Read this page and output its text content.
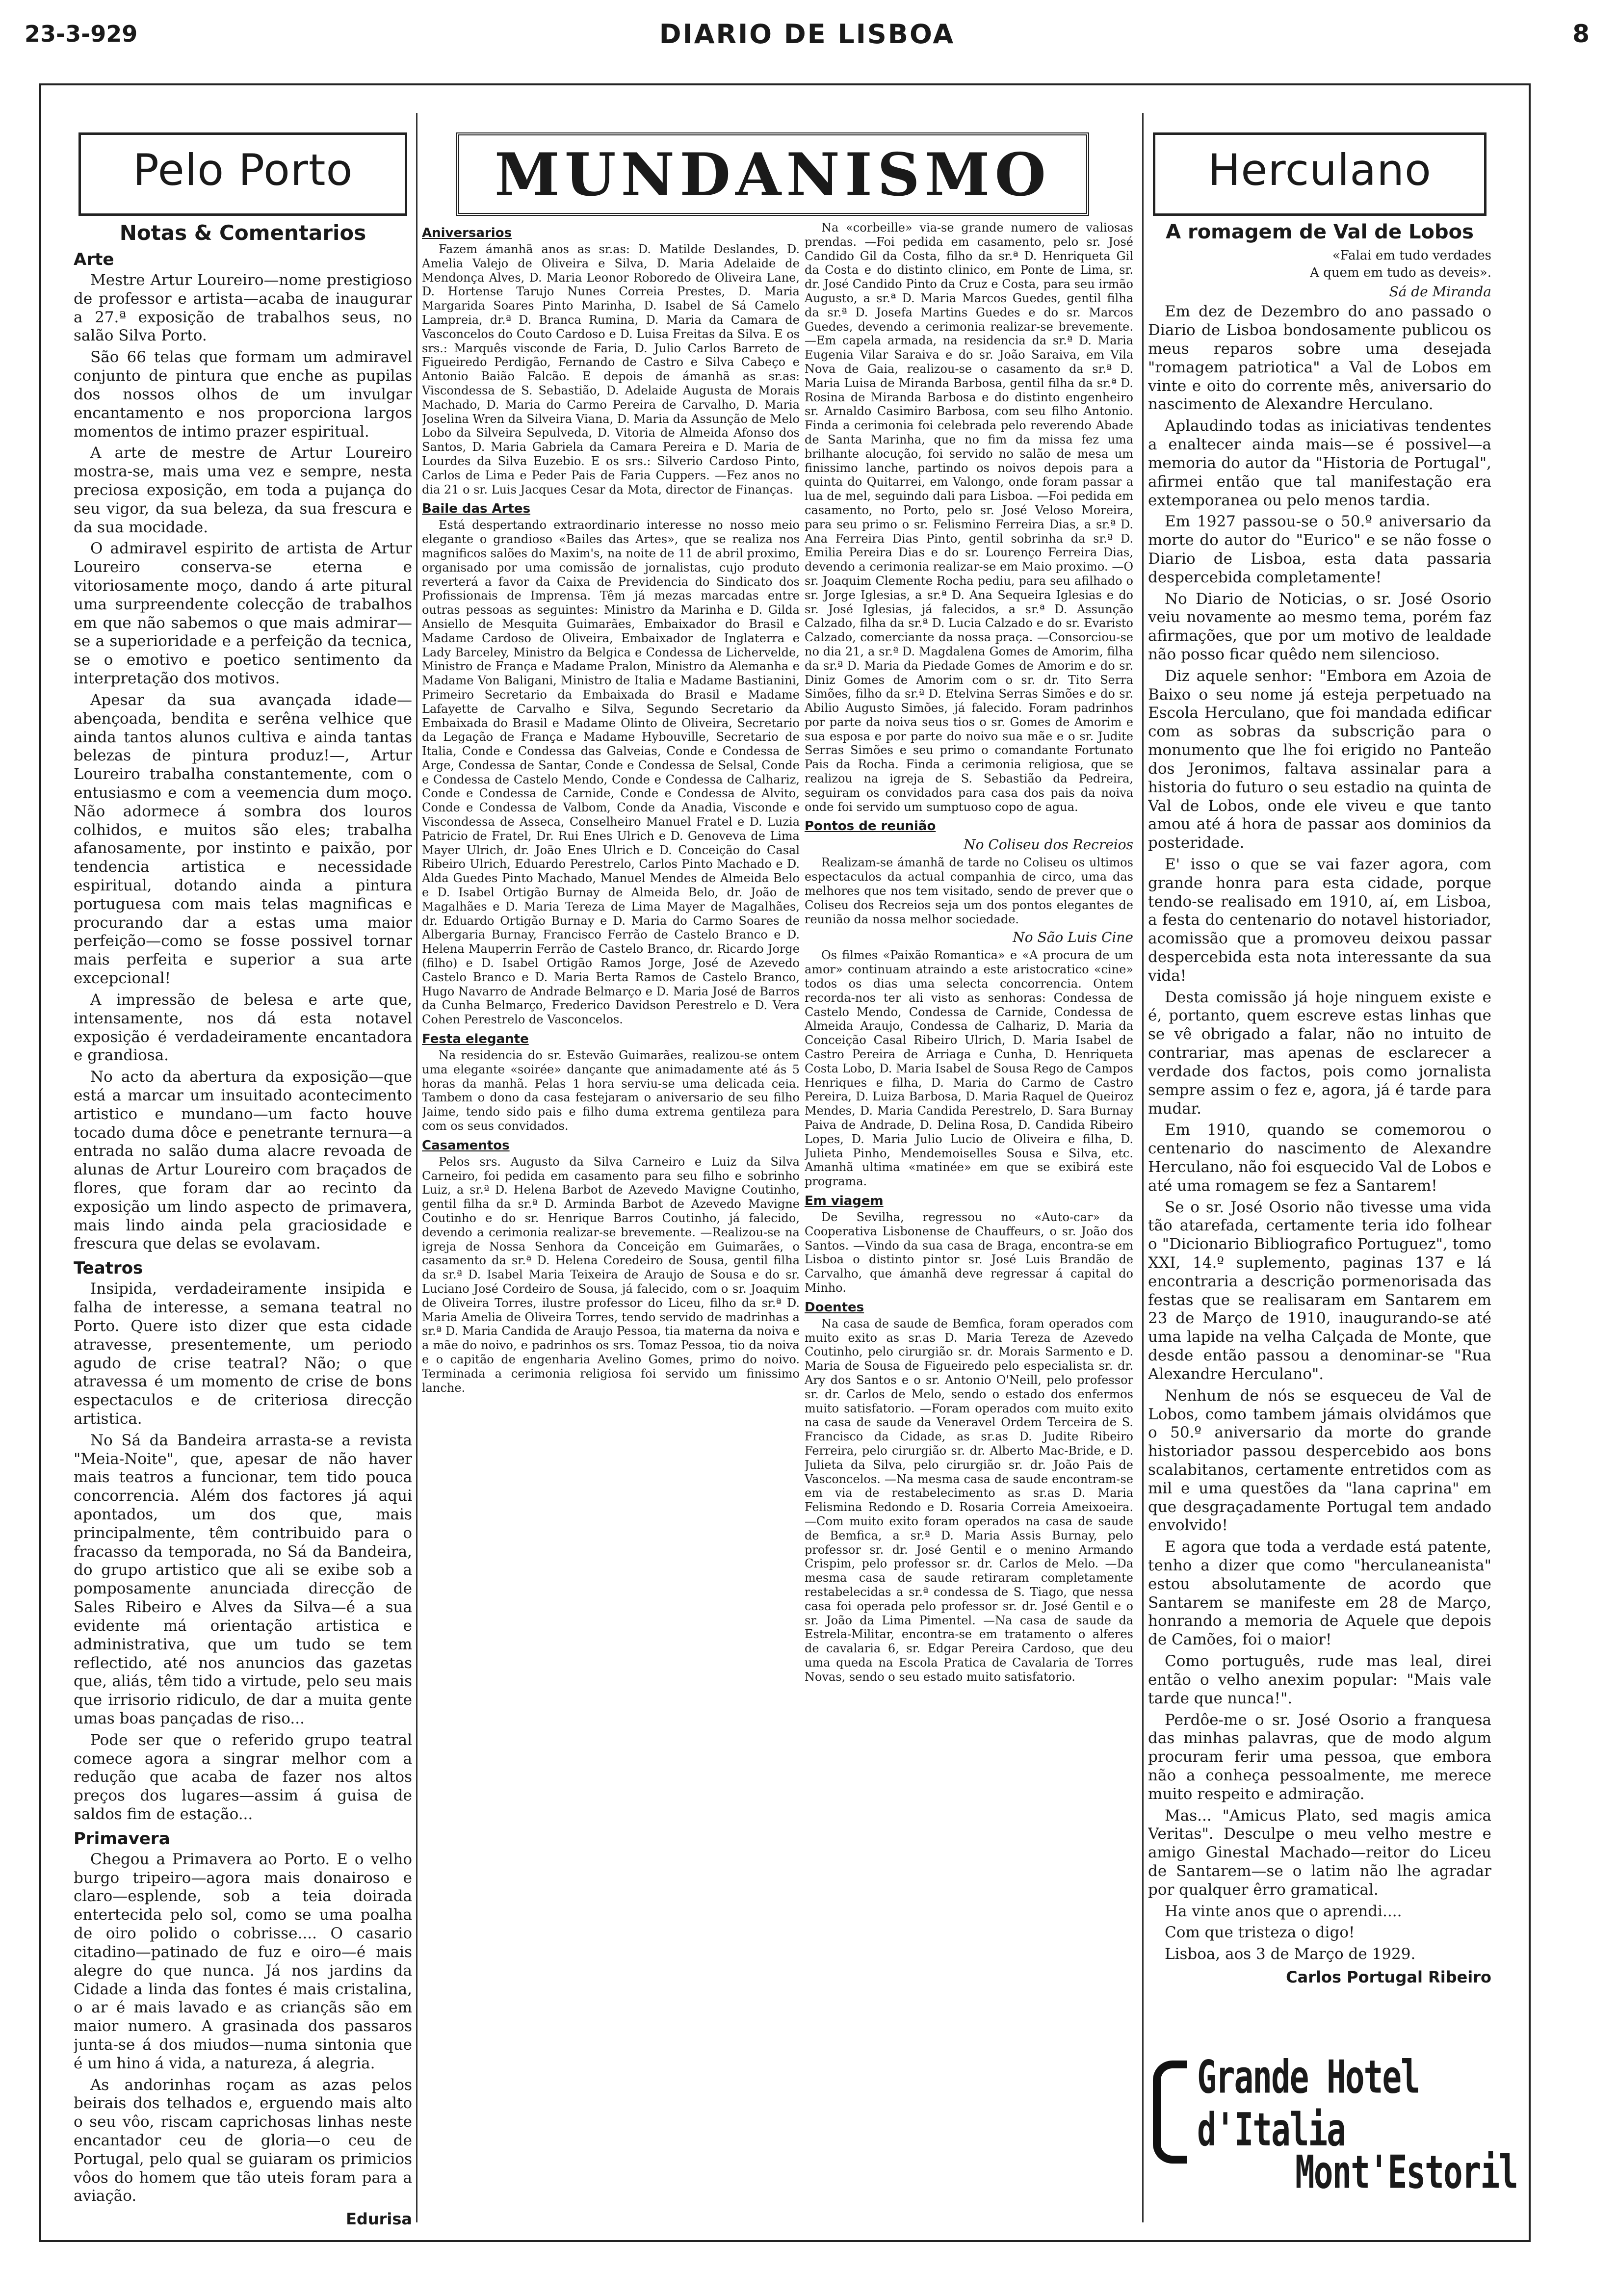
23-3-929	DIARIO DE LISBOA	8
Pelo Porto	MUNDANISMO	Herculano
Notas & Comentarios
Arte

Mestre Artur Loureiro—nome prestigioso de professor e artista—acaba de inaugurar a 27.ª exposição de trabalhos seus, no salão Silva Porto.

São 66 telas que formam um admiravel conjunto de pintura que enche as pupilas dos nossos olhos de um invulgar encantamento e nos proporciona largos momentos de intimo prazer espiritual.

A arte de mestre de Artur Loureiro mostra-se, mais uma vez e sempre, nesta preciosa exposição, em toda a pujança do seu vigor, da sua beleza, da sua frescura e da sua mocidade.

O admiravel espirito de artista de Artur Loureiro conserva-se eterna e vitoriosamente moço, dando á arte pitural uma surpreendente colecção de trabalhos em que não sabemos o que mais admirar—se a superioridade e a perfeição da tecnica, se o emotivo e poetico sentimento da interpretação dos motivos.

Apesar da sua avançada idade—abençoada, bendita e serêna velhice que ainda tantos alunos cultiva e ainda tantas belezas de pintura produz!—, Artur Loureiro trabalha constantemente, com o entusiasmo e com a veemencia dum moço. Não adormece á sombra dos louros colhidos, e muitos são eles; trabalha afanosamente, por instinto e paixão, por tendencia artistica e necessidade espiritual, dotando ainda a pintura portuguesa com mais telas magnificas e procurando dar a estas uma maior perfeição—como se fosse possivel tornar mais perfeita e superior a sua arte excepcional!

A impressão de belesa e arte que, intensamente, nos dá esta notavel exposição é verdadeiramente encantadora e grandiosa.

No acto da abertura da exposição—que está a marcar um insuitado acontecimento artistico e mundano—um facto houve tocado duma dôce e penetrante ternura—a entrada no salão duma alacre revoada de alunas de Artur Loureiro com braçados de flores, que foram dar ao recinto da exposição um lindo aspecto de primavera, mais lindo ainda pela graciosidade e frescura que delas se evolavam.

Teatros

Insipida, verdadeiramente insipida e falha de interesse, a semana teatral no Porto. Quere isto dizer que esta cidade atravesse, presentemente, um periodo agudo de crise teatral? Não; o que atravessa é um momento de crise de bons espectaculos e de criteriosa direcção artistica.

No Sá da Bandeira arrasta-se a revista "Meia-Noite", que, apesar de não haver mais teatros a funcionar, tem tido pouca concorrencia. Além dos factores já aqui apontados, um dos que, mais principalmente, têm contribuido para o fracasso da temporada, no Sá da Bandeira, do grupo artistico que ali se exibe sob a pomposamente anunciada direcção de Sales Ribeiro e Alves da Silva—é a sua evidente má orientação artistica e administrativa, que um tudo se tem reflectido, até nos anuncios das gazetas que, aliás, têm tido a virtude, pelo seu mais que irrisorio ridiculo, de dar a muita gente umas boas pançadas de riso...

Pode ser que o referido grupo teatral comece agora a singrar melhor com a redução que acaba de fazer nos altos preços dos lugares—assim á guisa de saldos fim de estação...

Primavera

Chegou a Primavera ao Porto. E o velho burgo tripeiro—agora mais donairoso e claro—esplende, sob a teia doirada entertecida pelo sol, como se uma poalha de oiro polido o cobrisse.... O casario citadino—patinado de fuz e oiro—é mais alegre do que nunca. Já nos jardins da Cidade a linda das fontes é mais cristalina, o ar é mais lavado e as criançãs são em maior numero. A grasinada dos passaros junta-se á dos miudos—numa sintonia que é um hino á vida, a natureza, á alegria.

As andorinhas roçam as azas pelos beirais dos telhados e, erguendo mais alto o seu vôo, riscam caprichosas linhas neste encantador ceu de gloria—o ceu de Portugal, pelo qual se guiaram os primicios vôos do homem que tão uteis foram para a aviação.

Edurisa
Aniversarios

Fazem ámanhã anos as sr.as: D. Matilde Deslandes, D. Amelia Valejo de Oliveira e Silva, D. Maria Adelaide de Mendonça Alves, D. Maria Leonor Roboredo de Oliveira Lane, D. Hortense Tarujo Nunes Correia Prestes, D. Maria Margarida Soares Pinto Marinha, D. Isabel de Sá Camelo Lampreia, dr.ª D. Branca Rumina, D. Maria da Camara de Vasconcelos do Couto Cardoso e D. Luisa Freitas da Silva. E os srs.: Marquês visconde de Faria, D. Julio Carlos Barreto de Figueiredo Perdigão, Fernando de Castro e Silva Cabeço e Antonio Baião Falcão. E depois de ámanhã as sr.as: Viscondessa de S. Sebastião, D. Adelaide Augusta de Morais Machado, D. Maria do Carmo Pereira de Carvalho, D. Maria Joselina Wren da Silveira Viana, D. Maria da Assunção de Melo Lobo da Silveira Sepulveda, D. Vitoria de Almeida Afonso dos Santos, D. Maria Gabriela da Camara Pereira e D. Maria de Lourdes da Silva Euzebio. E os srs.: Silverio Cardoso Pinto, Carlos de Lima e Peder Pais de Faria Cuppers. —Fez anos no dia 21 o sr. Luis Jacques Cesar da Mota, director de Finanças.

Baile das Artes

Está despertando extraordinario interesse no nosso meio elegante o grandioso «Bailes das Artes», que se realiza nos magnificos salões do Maxim's, na noite de 11 de abril proximo, organisado por uma comissão de jornalistas, cujo produto reverterá a favor da Caixa de Previdencia do Sindicato dos Profissionais de Imprensa. Têm já mezas marcadas entre outras pessoas as seguintes: Ministro da Marinha e D. Gilda Ansiello de Mesquita Guimarães, Embaixador do Brasil e Madame Cardoso de Oliveira, Embaixador de Inglaterra e Lady Barceley, Ministro da Belgica e Condessa de Lichervelde, Ministro de França e Madame Pralon, Ministro da Alemanha e Madame Von Baligani, Ministro de Italia e Madame Bastianini, Primeiro Secretario da Embaixada do Brasil e Madame Lafayette de Carvalho e Silva, Segundo Secretario da Embaixada do Brasil e Madame Olinto de Oliveira, Secretario da Legação de França e Madame Hybouville, Secretario de Italia, Conde e Condessa das Galveias, Conde e Condessa de Arge, Condessa de Santar, Conde e Condessa de Selsal, Conde e Condessa de Castelo Mendo, Conde e Condessa de Calhariz, Conde e Condessa de Carnide, Conde e Condessa de Alvito, Conde e Condessa de Valbom, Conde da Anadia, Visconde e Viscondessa de Asseca, Conselheiro Manuel Fratel e D. Luzia Patricio de Fratel, Dr. Rui Enes Ulrich e D. Genoveva de Lima Mayer Ulrich, dr. João Enes Ulrich e D. Conceição do Casal Ribeiro Ulrich, Eduardo Perestrelo, Carlos Pinto Machado e D. Alda Guedes Pinto Machado, Manuel Mendes de Almeida Belo e D. Isabel Ortigão Burnay de Almeida Belo, dr. João de Magalhães e D. Maria Tereza de Lima Mayer de Magalhães, dr. Eduardo Ortigão Burnay e D. Maria do Carmo Soares de Albergaria Burnay, Francisco Ferrão de Castelo Branco e D. Helena Mauperrin Ferrão de Castelo Branco, dr. Ricardo Jorge (filho) e D. Isabel Ortigão Ramos Jorge, José de Azevedo Castelo Branco e D. Maria Berta Ramos de Castelo Branco, Hugo Navarro de Andrade Belmarço e D. Maria José de Barros da Cunha Belmarço, Frederico Davidson Perestrelo e D. Vera Cohen Perestrelo de Vasconcelos.

Festa elegante

Na residencia do sr. Estevão Guimarães, realizou-se ontem uma elegante «soirée» dançante que animadamente até ás 5 horas da manhã. Pelas 1 hora serviu-se uma delicada ceia. Tambem o dono da casa festejaram o aniversario de seu filho Jaime, tendo sido pais e filho duma extrema gentileza para com os seus convidados.

Casamentos

Pelos srs. Augusto da Silva Carneiro e Luiz da Silva Carneiro, foi pedida em casamento para seu filho e sobrinho Luiz, a sr.ª D. Helena Barbot de Azevedo Mavigne Coutinho, gentil filha da sr.ª D. Arminda Barbot de Azevedo Mavigne Coutinho e do sr. Henrique Barros Coutinho, já falecido, devendo a cerimonia realizar-se brevemente. —Realizou-se na igreja de Nossa Senhora da Conceição em Guimarães, o casamento da sr.ª D. Helena Coredeiro de Sousa, gentil filha da sr.ª D. Isabel Maria Teixeira de Araujo de Sousa e do sr. Luciano José Cordeiro de Sousa, já falecido, com o sr. Joaquim de Oliveira Torres, ilustre professor do Liceu, filho da sr.ª D. Maria Amelia de Oliveira Torres, tendo servido de madrinhas a sr.ª D. Maria Candida de Araujo Pessoa, tia materna da noiva e a mãe do noivo, e padrinhos os srs. Tomaz Pessoa, tio da noiva e o capitão de engenharia Avelino Gomes, primo do noivo. Terminada a cerimonia religiosa foi servido um finissimo lanche.

Na «corbeille» via-se grande numero de valiosas prendas. —Foi pedida em casamento, pelo sr. José Candido Gil da Costa, filho da sr.ª D. Henriqueta Gil da Costa e do distinto clinico, em Ponte de Lima, sr. dr. José Candido Pinto da Cruz e Costa, para seu irmão Augusto, a sr.ª D. Maria Marcos Guedes, gentil filha da sr.ª D. Josefa Martins Guedes e do sr. Marcos Guedes, devendo a cerimonia realizar-se brevemente. —Em capela armada, na residencia da sr.ª D. Maria Eugenia Vilar Saraiva e do sr. João Saraiva, em Vila Nova de Gaia, realizou-se o casamento da sr.ª D. Maria Luisa de Miranda Barbosa, gentil filha da sr.ª D. Rosina de Miranda Barbosa e do distinto engenheiro sr. Arnaldo Casimiro Barbosa, com seu filho Antonio. Finda a cerimonia foi celebrada pelo reverendo Abade de Santa Marinha, que no fim da missa fez uma brilhante alocução, foi servido no salão de mesa um finissimo lanche, partindo os noivos depois para a quinta do Quitarrei, em Valongo, onde foram passar a lua de mel, seguindo dali para Lisboa. —Foi pedida em casamento, no Porto, pelo sr. José Veloso Moreira, para seu primo o sr. Felismino Ferreira Dias, a sr.ª D. Ana Ferreira Dias Pinto, gentil sobrinha da sr.ª D. Emilia Pereira Dias e do sr. Lourenço Ferreira Dias, devendo a cerimonia realizar-se em Maio proximo. —O sr. Joaquim Clemente Rocha pediu, para seu afilhado o sr. Jorge Iglesias, a sr.ª D. Ana Sequeira Iglesias e do sr. José Iglesias, já falecidos, a sr.ª D. Assunção Calzado, filha da sr.ª D. Lucia Calzado e do sr. Evaristo Calzado, comerciante da nossa praça. —Consorciou-se no dia 21, a sr.ª D. Magdalena Gomes de Amorim, filha da sr.ª D. Maria da Piedade Gomes de Amorim e do sr. Diniz Gomes de Amorim com o sr. dr. Tito Serra Simões, filho da sr.ª D. Etelvina Serras Simões e do sr. Abilio Augusto Simões, já falecido. Foram padrinhos por parte da noiva seus tios o sr. Gomes de Amorim e sua esposa e por parte do noivo sua mãe e o sr. Judite Serras Simões e seu primo o comandante Fortunato Pais da Rocha. Finda a cerimonia religiosa, que se realizou na igreja de S. Sebastião da Pedreira, seguiram os convidados para casa dos pais da noiva onde foi servido um sumptuoso copo de agua.

Pontos de reunião
No Coliseu dos Recreios

Realizam-se ámanhã de tarde no Coliseu os ultimos espectaculos da actual companhia de circo, uma das melhores que nos tem visitado, sendo de prever que o Coliseu dos Recreios seja um dos pontos elegantes de reunião da nossa melhor sociedade.

No São Luis Cine

Os filmes «Paixão Romantica» e «A procura de um amor» continuam atraindo a este aristocratico «cine» todos os dias uma selecta concorrencia. Ontem recorda-nos ter ali visto as senhoras: Condessa de Castelo Mendo, Condessa de Carnide, Condessa de Almeida Araujo, Condessa de Calhariz, D. Maria da Conceição Casal Ribeiro Ulrich, D. Maria Isabel de Castro Pereira de Arriaga e Cunha, D. Henriqueta Costa Lobo, D. Maria Isabel de Sousa Rego de Campos Henriques e filha, D. Maria do Carmo de Castro Pereira, D. Luiza Barbosa, D. Maria Raquel de Queiroz Mendes, D. Maria Candida Perestrelo, D. Sara Burnay Paiva de Andrade, D. Delina Rosa, D. Candida Ribeiro Lopes, D. Maria Julio Lucio de Oliveira e filha, D. Julieta Pinho, Mendemoiselles Sousa e Silva, etc. Amanhã ultima «matinée» em que se exibirá este programa.

Em viagem

De Sevilha, regressou no «Auto-car» da Cooperativa Lisbonense de Chauffeurs, o sr. João dos Santos. —Vindo da sua casa de Braga, encontra-se em Lisboa o distinto pintor sr. José Luis Brandão de Carvalho, que ámanhã deve regressar á capital do Minho.

Doentes

Na casa de saude de Bemfica, foram operados com muito exito as sr.as D. Maria Tereza de Azevedo Coutinho, pelo cirurgião sr. dr. Morais Sarmento e D. Maria de Sousa de Figueiredo pelo especialista sr. dr. Ary dos Santos e o sr. Antonio O'Neill, pelo professor sr. dr. Carlos de Melo, sendo o estado dos enfermos muito satisfatorio. —Foram operados com muito exito na casa de saude da Veneravel Ordem Terceira de S. Francisco da Cidade, as sr.as D. Judite Ribeiro Ferreira, pelo cirurgião sr. dr. Alberto Mac-Bride, e D. Julieta da Silva, pelo cirurgião sr. dr. João Pais de Vasconcelos. —Na mesma casa de saude encontram-se em via de restabelecimento as sr.as D. Maria Felismina Redondo e D. Rosaria Correia Ameixoeira. —Com muito exito foram operados na casa de saude de Bemfica, a sr.ª D. Maria Assis Burnay, pelo professor sr. dr. José Gentil e o menino Armando Crispim, pelo professor sr. dr. Carlos de Melo. —Da mesma casa de saude retiraram completamente restabelecidas a sr.ª condessa de S. Tiago, que nessa casa foi operada pelo professor sr. dr. José Gentil e o sr. João da Lima Pimentel. —Na casa de saude da Estrela-Militar, encontra-se em tratamento o alferes de cavalaria 6, sr. Edgar Pereira Cardoso, que deu uma queda na Escola Pratica de Cavalaria de Torres Novas, sendo o seu estado muito satisfatorio.

A romagem de Val de Lobos
«Falai em tudo verdades
A quem em tudo as deveis».
Sá de Miranda

Em dez de Dezembro do ano passado o Diario de Lisboa bondosamente publicou os meus reparos sobre uma desejada "romagem patriotica" a Val de Lobos em vinte e oito do corrente mês, aniversario do nascimento de Alexandre Herculano.

Aplaudindo todas as iniciativas tendentes a enaltecer ainda mais—se é possivel—a memoria do autor da "Historia de Portugal", afirmei então que tal manifestação era extemporanea ou pelo menos tardia.

Em 1927 passou-se o 50.º aniversario da morte do autor do "Eurico" e se não fosse o Diario de Lisboa, esta data passaria despercebida completamente!

No Diario de Noticias, o sr. José Osorio veiu novamente ao mesmo tema, porém faz afirmações, que por um motivo de lealdade não posso ficar quêdo nem silencioso.

Diz aquele senhor: "Embora em Azoia de Baixo o seu nome já esteja perpetuado na Escola Herculano, que foi mandada edificar com as sobras da subscrição para o monumento que lhe foi erigido no Panteão dos Jeronimos, faltava assinalar para a historia do futuro o seu estadio na quinta de Val de Lobos, onde ele viveu e que tanto amou até á hora de passar aos dominios da posteridade.

E' isso o que se vai fazer agora, com grande honra para esta cidade, porque tendo-se realisado em 1910, aí, em Lisboa, a festa do centenario do notavel historiador, acomissão que a promoveu deixou passar despercebida esta nota interessante da sua vida!

Desta comissão já hoje ninguem existe e é, portanto, quem escreve estas linhas que se vê obrigado a falar, não no intuito de contrariar, mas apenas de esclarecer a verdade dos factos, pois como jornalista sempre assim o fez e, agora, já é tarde para mudar.

Em 1910, quando se comemorou o centenario do nascimento de Alexandre Herculano, não foi esquecido Val de Lobos e até uma romagem se fez a Santarem!

Se o sr. José Osorio não tivesse uma vida tão atarefada, certamente teria ido folhear o "Dicionario Bibliografico Portuguez", tomo XXI, 14.º suplemento, paginas 137 e lá encontraria a descrição pormenorisada das festas que se realisaram em Santarem em 23 de Março de 1910, inaugurando-se até uma lapide na velha Calçada de Monte, que desde então passou a denominar-se "Rua Alexandre Herculano".

Nenhum de nós se esqueceu de Val de Lobos, como tambem jámais olvidámos que o 50.º aniversario da morte do grande historiador passou despercebido aos bons scalabitanos, certamente entretidos com as mil e uma questões da "lana caprina" em que desgraçadamente Portugal tem andado envolvido!

E agora que toda a verdade está patente, tenho a dizer que como "herculaneanista" estou absolutamente de acordo que Santarem se manifeste em 28 de Março, honrando a memoria de Aquele que depois de Camões, foi o maior!

Como português, rude mas leal, direi então o velho anexim popular: "Mais vale tarde que nunca!".

Perdôe-me o sr. José Osorio a franquesa das minhas palavras, que de modo algum procuram ferir uma pessoa, que embora não a conheça pessoalmente, me merece muito respeito e admiração.

Mas... "Amicus Plato, sed magis amica Veritas". Desculpe o meu velho mestre e amigo Ginestal Machado—reitor do Liceu de Santarem—se o latim não lhe agradar por qualquer êrro gramatical.

Ha vinte anos que o aprendi....

Com que tristeza o digo!

Lisboa, aos 3 de Março de 1929.

Carlos Portugal Ribeiro
Grande Hotel d'Italia
Mont'Estoril
